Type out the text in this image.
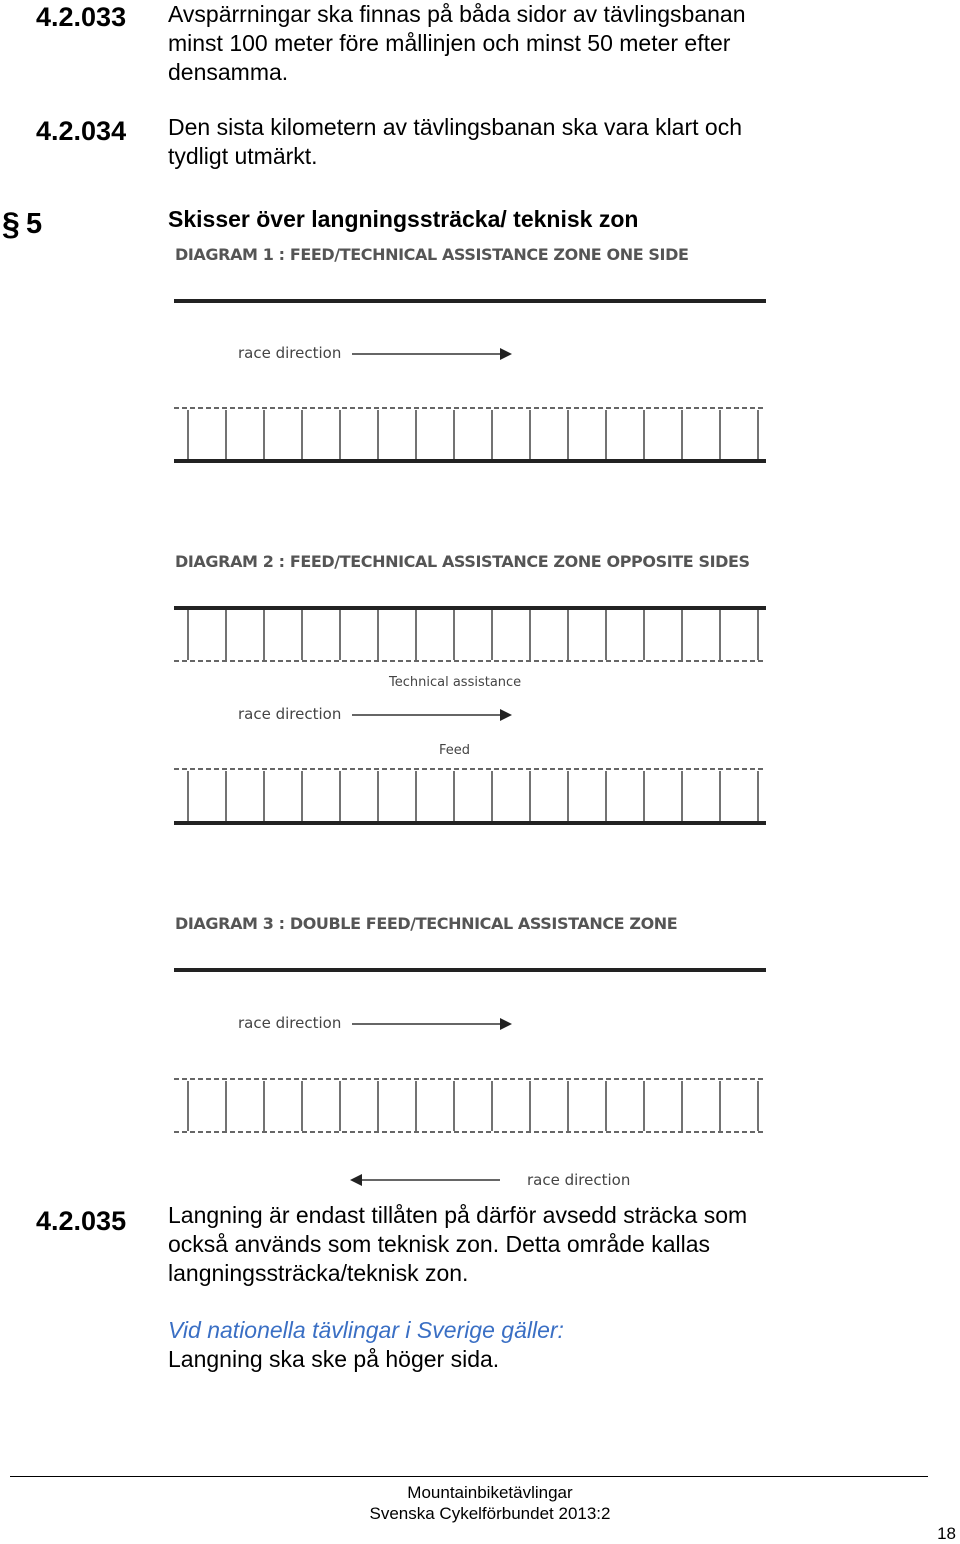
4.2.033 Avspärrningar ska finnas på båda sidor av tävlingsbanan

minst 100 meter före mållinjen och minst 50 meter efter

densamma.

4.2.034 Den sista kilometern av tävlingsbanan ska vara klart och

tydligt utmärkt.

§ 5	Skisser över langningssträcka/ teknisk zon
DIAGRAM 1 : FEED/TECHNICAL ASSISTANCE ZONE ONE SIDE
race direction
DIAGRAM 2 : FEED/TECHNICAL ASSISTANCE ZONE OPPOSITE SIDES
Technical assistance
race direction
Feed
DIAGRAM 3 : DOUBLE FEED/TECHNICAL ASSISTANCE ZONE
race direction
race direction
4.2.035 Langning är endast tillåten på därför avsedd sträcka som

också används som teknisk zon. Detta område kallas

langningssträcka/teknisk zon.

Vid nationella tävlingar i Sverige gäller:

Langning ska ske på höger sida.

Mountainbiketävlingar
Svenska Cykelförbundet 2013:2
18
